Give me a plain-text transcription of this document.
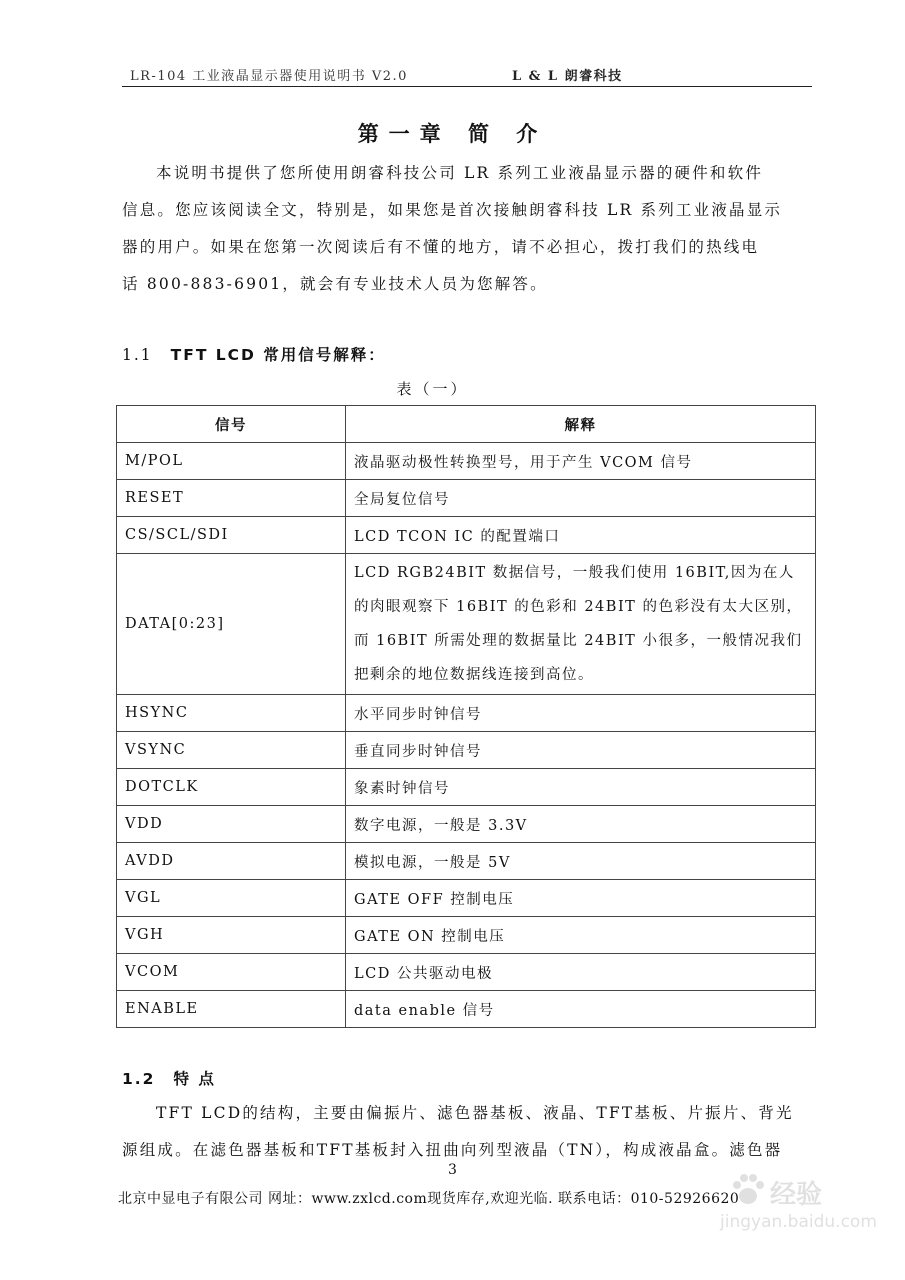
LR-104 工业液晶显示器使用说明书 V2.0	L & L 朗睿科技
第一章 简 介
本说明书提供了您所使用朗睿科技公司 LR 系列工业液晶显示器的硬件和软件
信息。您应该阅读全文，特别是，如果您是首次接触朗睿科技 LR 系列工业液晶显示
器的用户。如果在您第一次阅读后有不懂的地方，请不必担心，拨打我们的热线电
话 800-883-6901，就会有专业技术人员为您解答。
1.1 TFT LCD 常用信号解释：
表（一）
信号	解释
M/POL	液晶驱动极性转换型号，用于产生 VCOM 信号
RESET	全局复位信号
CS/SCL/SDI	LCD TCON IC 的配置端口
DATA[0:23]	LCD RGB24BIT 数据信号，一般我们使用 16BIT,因为在人的肉眼观察下 16BIT 的色彩和 24BIT 的色彩没有太大区别，而 16BIT 所需处理的数据量比 24BIT 小很多，一般情况我们把剩余的地位数据线连接到高位。
HSYNC	水平同步时钟信号
VSYNC	垂直同步时钟信号
DOTCLK	象素时钟信号
VDD	数字电源，一般是 3.3V
AVDD	模拟电源，一般是 5V
VGL	GATE OFF 控制电压
VGH	GATE ON 控制电压
VCOM	LCD 公共驱动电极
ENABLE	data enable 信号
1.2 特 点
TFT LCD的结构，主要由偏振片、滤色器基板、液晶、TFT基板、片振片、背光
源组成。在滤色器基板和TFT基板封入扭曲向列型液晶（TN），构成液晶盒。滤色器
3
北京中显电子有限公司 网址：www.zxlcd.com现货库存,欢迎光临. 联系电话：010-52926620 经验
jingyan.baidu.com
